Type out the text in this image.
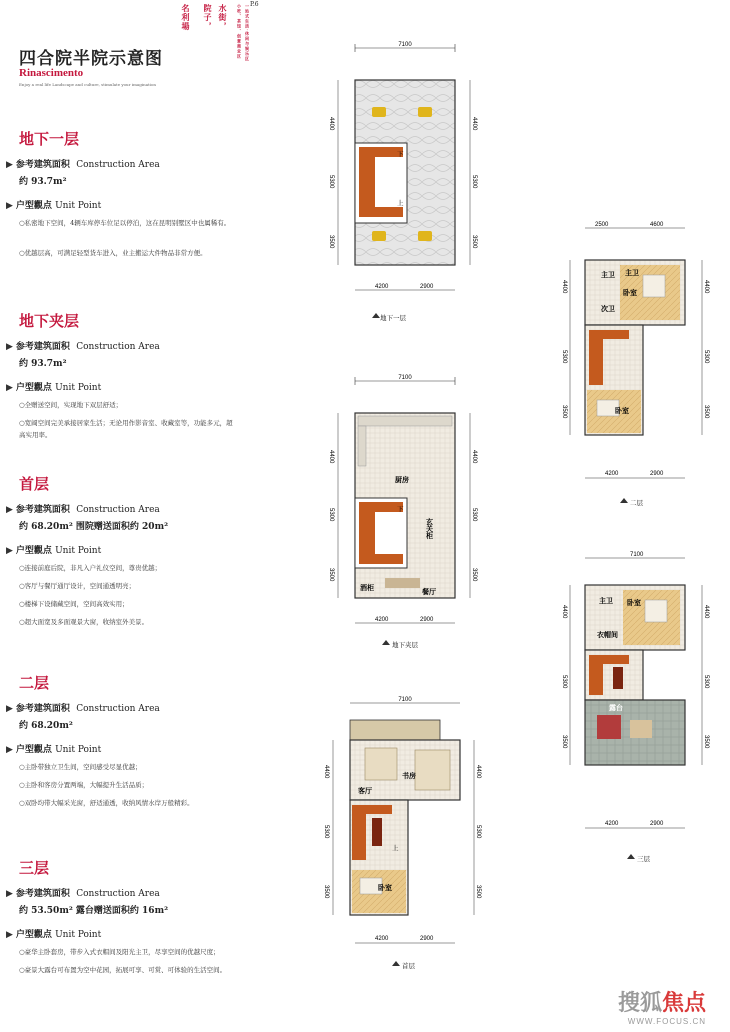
名利場 院子， 水街， 小吃、茶馆、创意商业区 一站式生活·休闲与娱乐区 P.6
四合院半院示意图
Rinascimento
Enjoy a real life Landscape and culture, stimulate your imagination
地下一层
▶ 参考建筑面积 Construction Area
约 93.7m²
▶ 户型觀点 Unit Point
○私密地下空间，4辆车库停车位足以停泊，这在昆明别墅区中也属稀有。
○优越层高，可满足轻型货车进入，业主搬运大件物品非常方便。
地下夹层
▶ 参考建筑面积 Construction Area
约 93.7m²
▶ 户型觀点 Unit Point
○全赠送空间，实现地下双层舒适；
○宽阔空间完美承接居家生活；无论用作影音室、收藏室等，功能多元，超高实用率。
首层
▶ 参考建筑面积 Construction Area
约 68.20m² 围院赠送面积约 20m²
▶ 户型觀点 Unit Point
○连接前庭后院，非凡入户礼仪空间，尊贵优越；
○客厅与餐厅通厅设计，空间通透明亮；
○楼梯下设储藏空间，空间高效实用；
○超大面宽及多面观景大窗，收纳室外美景。
二层
▶ 参考建筑面积 Construction Area
约 68.20m²
▶ 户型觀点 Unit Point
○主卧带独立卫生间，空间感受尽显优越；
○主卧和客房分置两端，大幅提升生活品质；
○双卧均带大幅采光窗，舒适通透，收纳风情水岸万般精彩。
三层
▶ 参考建筑面积 Construction Area
约 53.50m² 露台赠送面积约 16m²
▶ 户型觀点 Unit Point
○豪华主卧套房，带步入式衣帽间及阳光主卫，尽享空间的优越尺度；
○豪景大露台可布置为空中花园，拓展可享、可赏、可体验的生活空间。
7100
下
上
4400
5300
3500
4400
5300
3500
4200	2900
地下一层
7100
下
厨房
玄关柜
酒柜	餐厅
4400
5300
3500
4400
5300
3500
4200	2900
地下夹层
7100
客厅
书房
上
卧室
4400
5300
3500
4400
5300
3500
4200	2900
首层
2500	4600
主卫
卧室
次卫
主卫
卧室
4400
5300
3500
4400
5300
3500
4200	2900
二层
7100
卧室
主卫
衣帽间
露台
4400
5300
3500
4400
5300
3500
4200	2900
三层
搜狐焦点
WWW.FOCUS.CN
